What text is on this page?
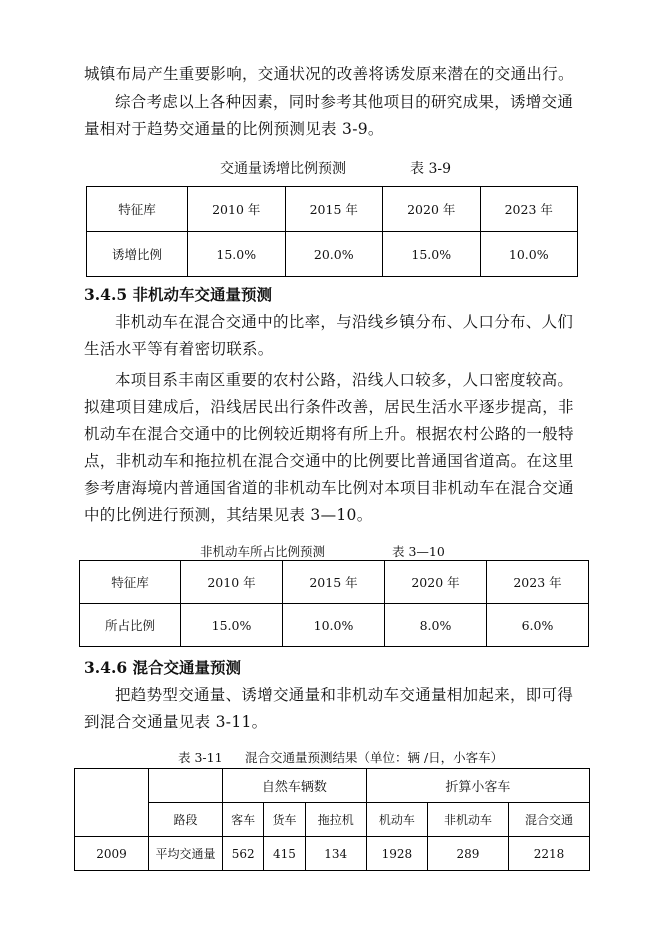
城镇布局产生重要影响，交通状况的改善将诱发原来潜在的交通出行。

综合考虑以上各种因素，同时参考其他项目的研究成果，诱增交通
量相对于趋势交通量的比例预测见表 3-9。

交通量诱增比例预测	表 3-9
特征库	2010 年	2015 年	2020 年	2023 年
诱增比例	15.0%	20.0%	15.0%	10.0%
3.4.5 非机动车交通量预测

非机动车在混合交通中的比率，与沿线乡镇分布、人口分布、人们
生活水平等有着密切联系。

本项目系丰南区重要的农村公路，沿线人口较多，人口密度较高。
拟建项目建成后，沿线居民出行条件改善，居民生活水平逐步提高，非
机动车在混合交通中的比例较近期将有所上升。根据农村公路的一般特
点，非机动车和拖拉机在混合交通中的比例要比普通国省道高。在这里
参考唐海境内普通国省道的非机动车比例对本项目非机动车在混合交通
中的比例进行预测，其结果见表 3—10。

非机动车所占比例预测	表 3—10
特征库	2010 年	2015 年	2020 年	2023 年
所占比例	15.0%	10.0%	8.0%	6.0%
3.4.6 混合交通量预测

把趋势型交通量、诱增交通量和非机动车交通量相加起来，即可得
到混合交通量见表 3-11。

表 3-11 混合交通量预测结果（单位：辆 /日，小客车）
		自然车辆数			折算小客车		
	路段	客车	货车	拖拉机	机动车	非机动车	混合交通
2009	平均交通量	562	415	134	1928	289	2218
